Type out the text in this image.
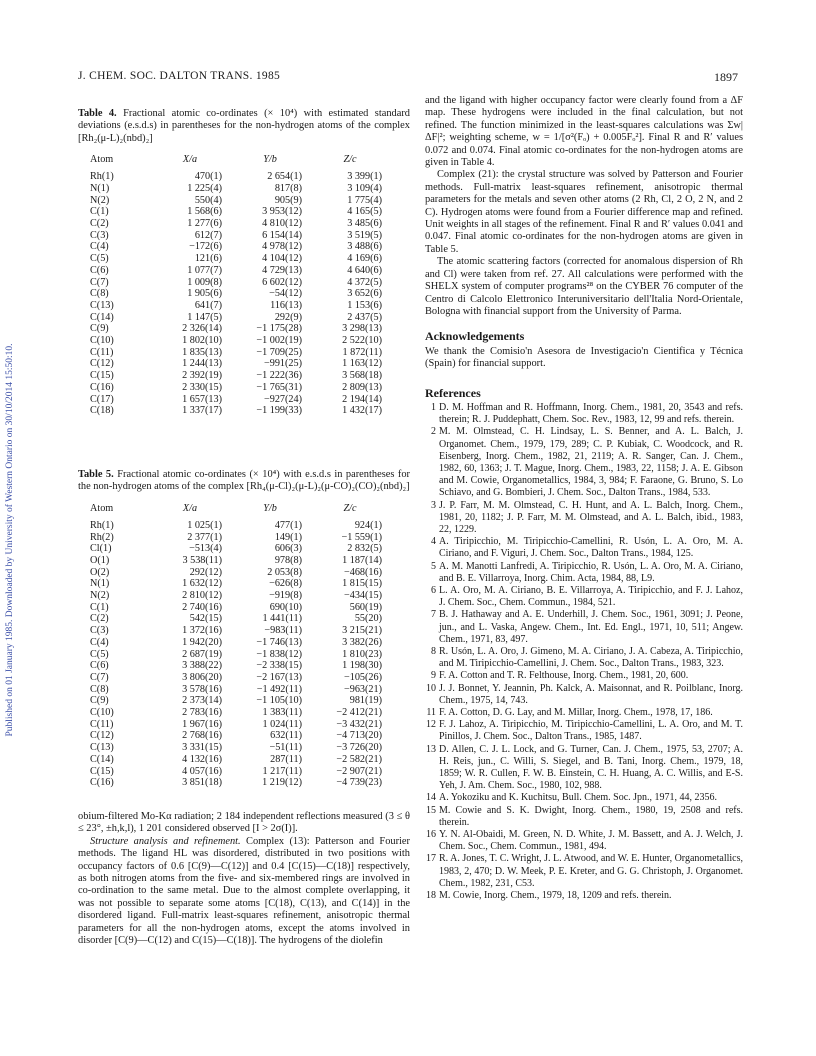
Published on 01 January 1985. Downloaded by University of Western Ontario on 30/10/2014 15:50:10.
J. CHEM. SOC. DALTON TRANS. 1985	1897

Table 4. Fractional atomic co-ordinates (× 10⁴) with estimated standard deviations (e.s.d.s) in parentheses for the non-hydrogen atoms of the complex [Rh₂(μ-L)₂(nbd)₂]

Atom	X/a	Y/b	Z/c
Rh(1)	470(1)	2 654(1)	3 399(1)
N(1)	1 225(4)	817(8)	3 109(4)
N(2)	550(4)	905(9)	1 775(4)
C(1)	1 568(6)	3 953(12)	4 165(5)
C(2)	1 277(6)	4 810(12)	3 485(6)
C(3)	612(7)	6 154(14)	3 519(5)
C(4)	−172(6)	4 978(12)	3 488(6)
C(5)	121(6)	4 104(12)	4 169(6)
C(6)	1 077(7)	4 729(13)	4 640(6)
C(7)	1 009(8)	6 602(12)	4 372(5)
C(8)	1 905(6)	−54(12)	3 652(6)
C(13)	641(7)	116(13)	1 153(6)
C(14)	1 147(5)	292(9)	2 437(5)
C(9)	2 326(14)	−1 175(28)	3 298(13)
C(10)	1 802(10)	−1 002(19)	2 522(10)
C(11)	1 835(13)	−1 709(25)	1 872(11)
C(12)	1 244(13)	−991(25)	1 163(12)
C(15)	2 392(19)	−1 222(36)	3 568(18)
C(16)	2 330(15)	−1 765(31)	2 809(13)
C(17)	1 657(13)	−927(24)	2 194(14)
C(18)	1 337(17)	−1 199(33)	1 432(17)

Table 5. Fractional atomic co-ordinates (× 10⁴) with e.s.d.s in parentheses for the non-hydrogen atoms of the complex [Rh₄(μ-Cl)₂(μ-L)₂(μ-CO)₂(CO)₂(nbd)₂]

Atom	X/a	Y/b	Z/c
Rh(1)	1 025(1)	477(1)	924(1)
Rh(2)	2 377(1)	149(1)	−1 559(1)
Cl(1)	−513(4)	606(3)	2 832(5)
O(1)	3 538(11)	978(8)	1 187(14)
O(2)	292(12)	2 053(8)	−468(16)
N(1)	1 632(12)	−626(8)	1 815(15)
N(2)	2 810(12)	−919(8)	−434(15)
C(1)	2 740(16)	690(10)	560(19)
C(2)	542(15)	1 441(11)	55(20)
C(3)	1 372(16)	−983(11)	3 215(21)
C(4)	1 942(20)	−1 746(13)	3 382(26)
C(5)	2 687(19)	−1 838(12)	1 810(23)
C(6)	3 388(22)	−2 338(15)	1 198(30)
C(7)	3 806(20)	−2 167(13)	−105(26)
C(8)	3 578(16)	−1 492(11)	−963(21)
C(9)	2 373(14)	−1 105(10)	981(19)
C(10)	2 783(16)	1 383(11)	−2 412(21)
C(11)	1 967(16)	1 024(11)	−3 432(21)
C(12)	2 768(16)	632(11)	−4 713(20)
C(13)	3 331(15)	−51(11)	−3 726(20)
C(14)	4 132(16)	287(11)	−2 582(21)
C(15)	4 057(16)	1 217(11)	−2 907(21)
C(16)	3 851(18)	1 219(12)	−4 739(23)

obium-filtered Mo-Kα radiation; 2 184 independent reflections measured (3 ≤ θ ≤ 23°, ±h,k,l), 1 201 considered observed [I > 2σ(I)].

Structure analysis and refinement. Complex (13): Patterson and Fourier methods. The ligand HL was disordered, distributed in two positions with occupancy factors of 0.6 [C(9)—C(12)] and 0.4 [C(15)—C(18)] respectively, as both nitrogen atoms from the five- and six-membered rings are involved in co-ordination to the same metal. Due to the almost complete overlapping, it was not possible to separate some atoms [C(18), C(13), and C(14)] in the disordered ligand. Full-matrix least-squares refinement, anisotropic thermal parameters for all the non-hydrogen atoms, except the atoms involved in disorder [C(9)—C(12) and C(15)—C(18)]. The hydrogens of the diolefin

and the ligand with higher occupancy factor were clearly found from a ΔF map. These hydrogens were included in the final calculation, but not refined. The function minimized in the least-squares calculations was Σw|ΔF|²; weighting scheme, w = 1/[σ²(Fₒ) + 0.005Fₒ²]. Final R and R′ values 0.072 and 0.074. Final atomic co-ordinates for the non-hydrogen atoms are given in Table 4.

Complex (21): the crystal structure was solved by Patterson and Fourier methods. Full-matrix least-squares refinement, anisotropic thermal parameters for the metals and seven other atoms (2 Rh, Cl, 2 O, 2 N, and 2 C). Hydrogen atoms were found from a Fourier difference map and refined. Unit weights in all stages of the refinement. Final R and R′ values 0.041 and 0.047. Final atomic co-ordinates for the non-hydrogen atoms are given in Table 5.

The atomic scattering factors (corrected for anomalous dispersion of Rh and Cl) were taken from ref. 27. All calculations were performed with the SHELX system of computer programs²⁸ on the CYBER 76 computer of the Centro di Calcolo Elettronico Interuniversitario dell'Italia Nord-Orientale, Bologna with financial support from the University of Parma.

Acknowledgements

We thank the Comisio'n Asesora de Investigacio'n Cientifica y Técnica (Spain) for financial support.

References
1 D. M. Hoffman and R. Hoffmann, Inorg. Chem., 1981, 20, 3543 and refs. therein; R. J. Puddephatt, Chem. Soc. Rev., 1983, 12, 99 and refs. therein.
2 M. M. Olmstead, C. H. Lindsay, L. S. Benner, and A. L. Balch, J. Organomet. Chem., 1979, 179, 289; C. P. Kubiak, C. Woodcock, and R. Eisenberg, Inorg. Chem., 1982, 21, 2119; A. R. Sanger, Can. J. Chem., 1982, 60, 1363; J. T. Mague, Inorg. Chem., 1983, 22, 1158; J. A. E. Gibson and M. Cowie, Organometallics, 1984, 3, 984; F. Faraone, G. Bruno, S. Lo Schiavo, and G. Bombieri, J. Chem. Soc., Dalton Trans., 1984, 533.
3 J. P. Farr, M. M. Olmstead, C. H. Hunt, and A. L. Balch, Inorg. Chem., 1981, 20, 1182; J. P. Farr, M. M. Olmstead, and A. L. Balch, ibid., 1983, 22, 1229.
4 A. Tiripicchio, M. Tiripicchio-Camellini, R. Usón, L. A. Oro, M. A. Ciriano, and F. Viguri, J. Chem. Soc., Dalton Trans., 1984, 125.
5 A. M. Manotti Lanfredi, A. Tiripicchio, R. Usón, L. A. Oro, M. A. Ciriano, and B. E. Villarroya, Inorg. Chim. Acta, 1984, 88, L9.
6 L. A. Oro, M. A. Ciriano, B. E. Villarroya, A. Tiripicchio, and F. J. Lahoz, J. Chem. Soc., Chem. Commun., 1984, 521.
7 B. J. Hathaway and A. E. Underhill, J. Chem. Soc., 1961, 3091; J. Peone, jun., and L. Vaska, Angew. Chem., Int. Ed. Engl., 1971, 10, 511; Angew. Chem., 1971, 83, 497.
8 R. Usón, L. A. Oro, J. Gimeno, M. A. Ciriano, J. A. Cabeza, A. Tiripicchio, and M. Tiripicchio-Camellini, J. Chem. Soc., Dalton Trans., 1983, 323.
9 F. A. Cotton and T. R. Felthouse, Inorg. Chem., 1981, 20, 600.
10 J. J. Bonnet, Y. Jeannin, Ph. Kalck, A. Maisonnat, and R. Poilblanc, Inorg. Chem., 1975, 14, 743.
11 F. A. Cotton, D. G. Lay, and M. Millar, Inorg. Chem., 1978, 17, 186.
12 F. J. Lahoz, A. Tiripicchio, M. Tiripicchio-Camellini, L. A. Oro, and M. T. Pinillos, J. Chem. Soc., Dalton Trans., 1985, 1487.
13 D. Allen, C. J. L. Lock, and G. Turner, Can. J. Chem., 1975, 53, 2707; A. H. Reis, jun., C. Willi, S. Siegel, and B. Tani, Inorg. Chem., 1979, 18, 1859; W. R. Cullen, F. W. B. Einstein, C. H. Huang, A. C. Willis, and E-S. Yeh, J. Am. Chem. Soc., 1980, 102, 988.
14 A. Yokoziku and K. Kuchitsu, Bull. Chem. Soc. Jpn., 1971, 44, 2356.
15 M. Cowie and S. K. Dwight, Inorg. Chem., 1980, 19, 2508 and refs. therein.
16 Y. N. Al-Obaidi, M. Green, N. D. White, J. M. Bassett, and A. J. Welch, J. Chem. Soc., Chem. Commun., 1981, 494.
17 R. A. Jones, T. C. Wright, J. L. Atwood, and W. E. Hunter, Organometallics, 1983, 2, 470; D. W. Meek, P. E. Kreter, and G. G. Christoph, J. Organomet. Chem., 1982, 231, C53.
18 M. Cowie, Inorg. Chem., 1979, 18, 1209 and refs. therein.
